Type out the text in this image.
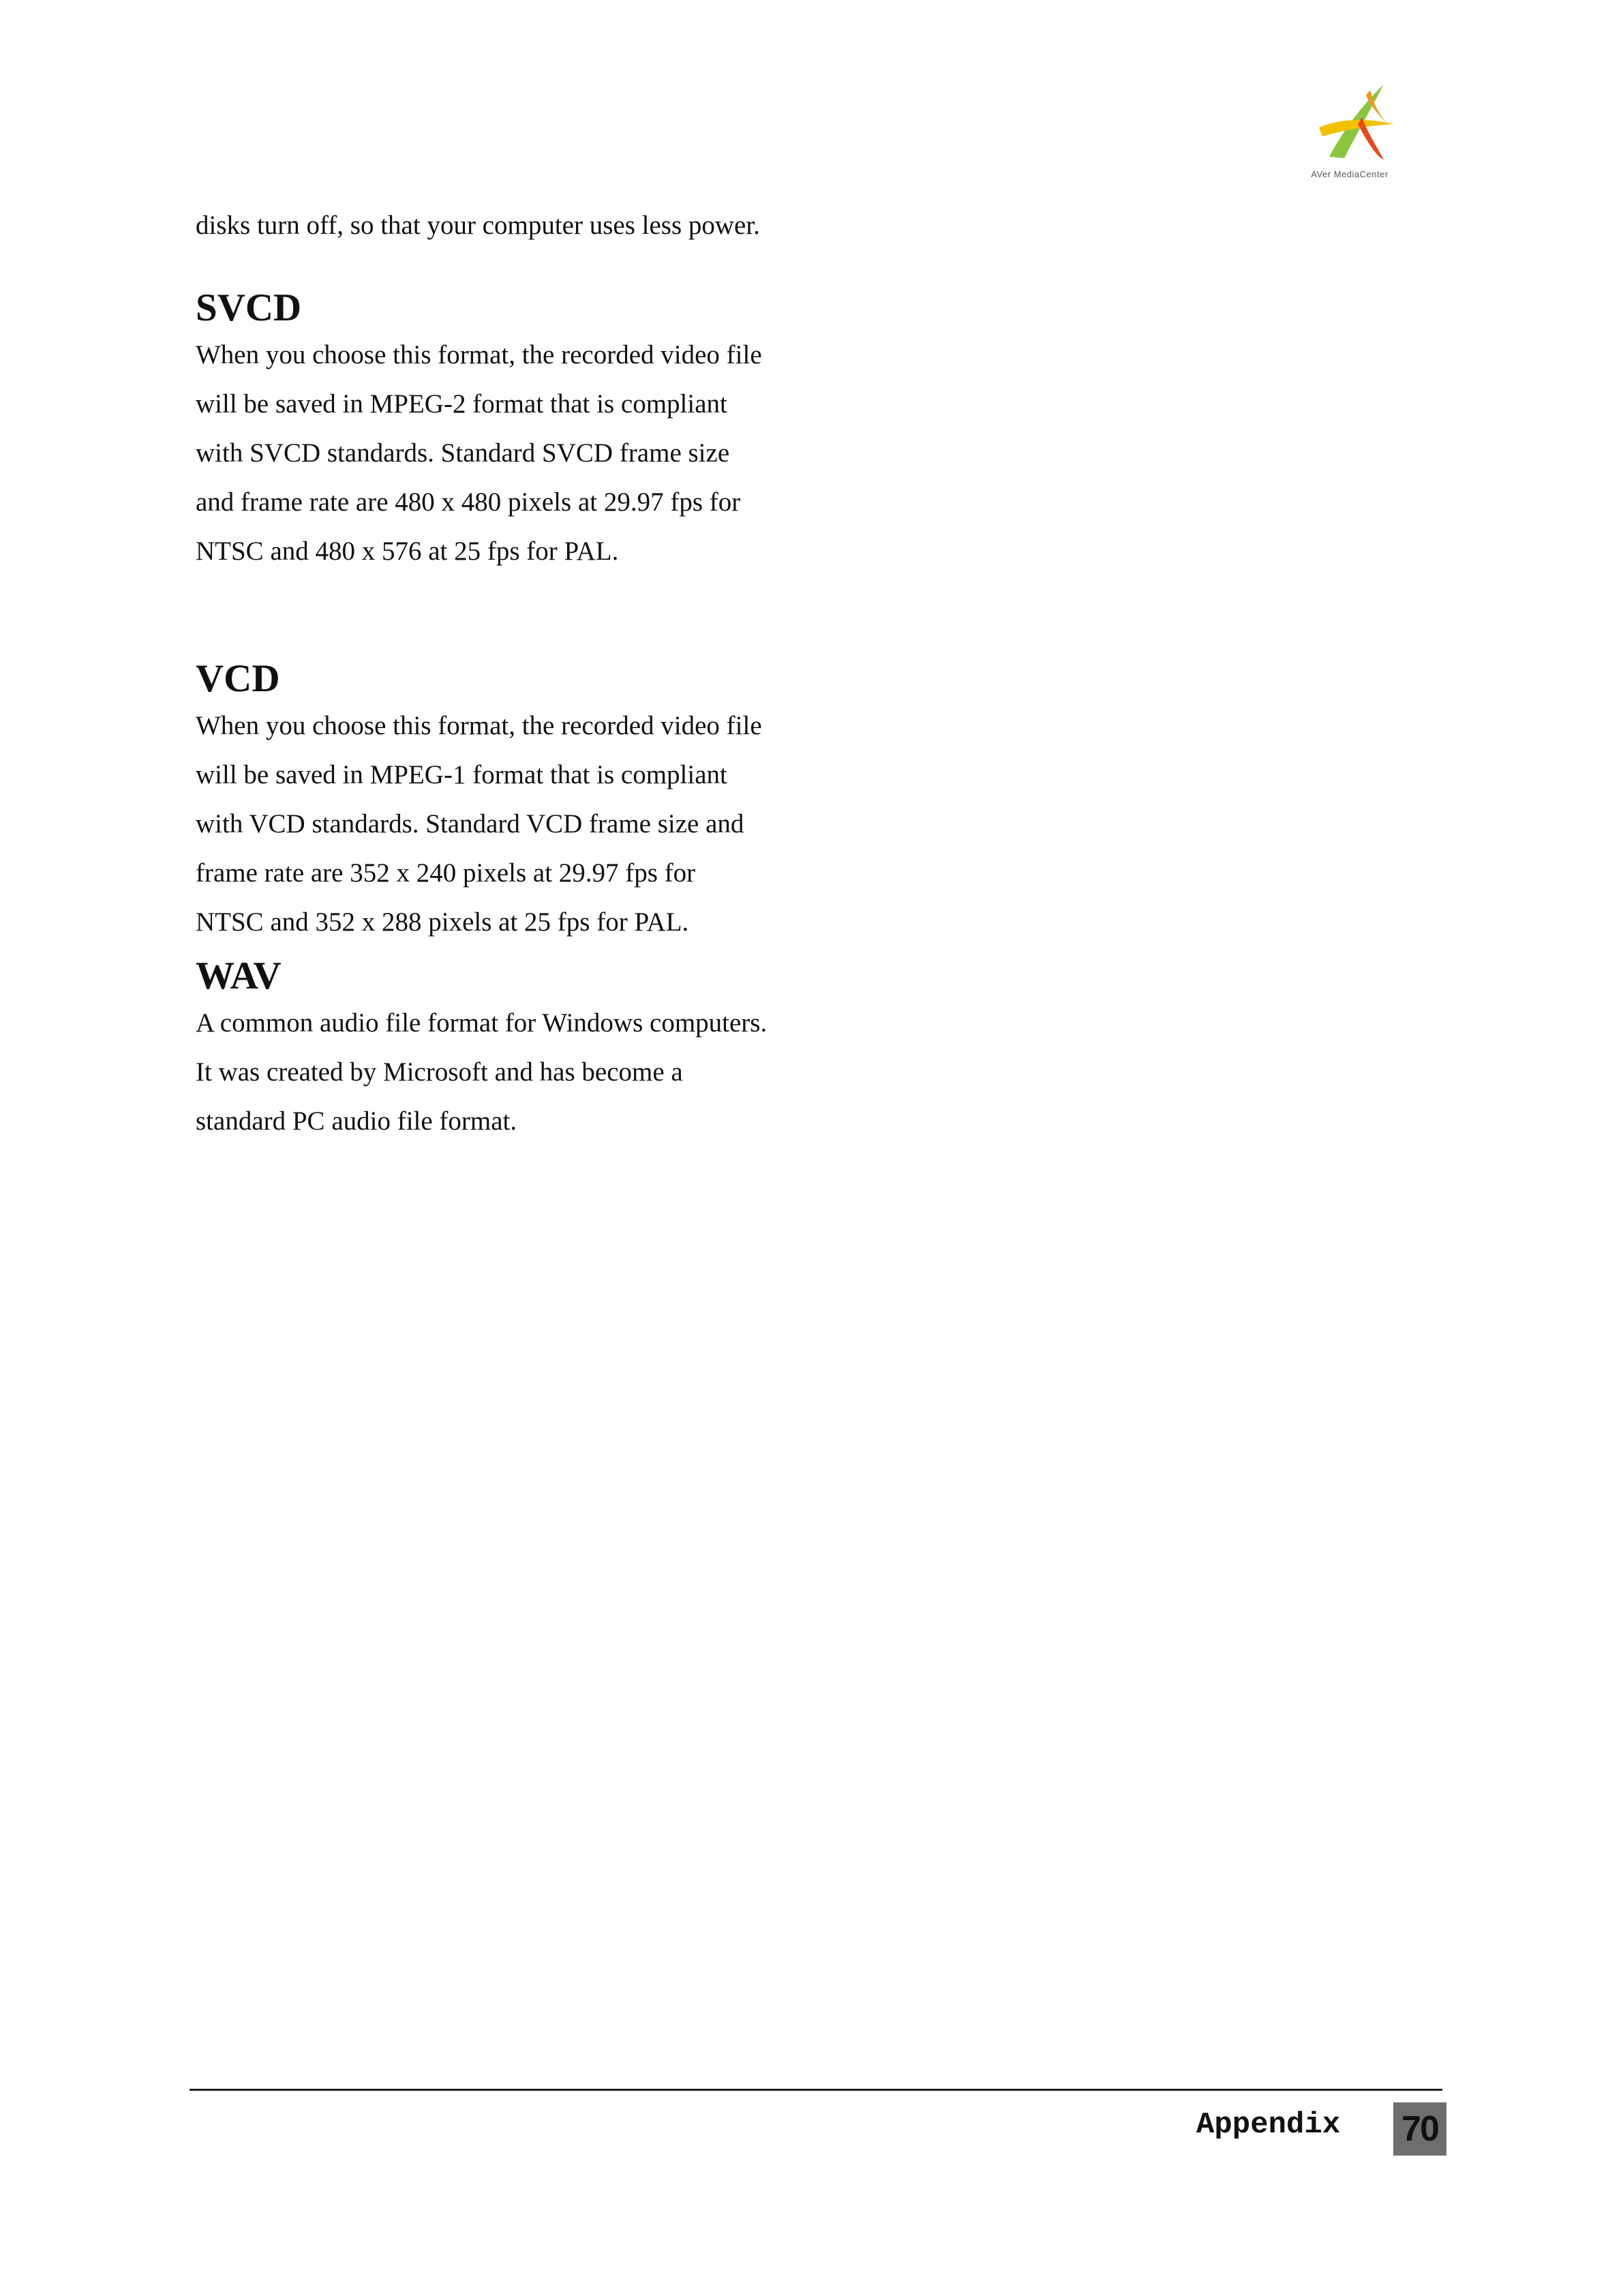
AVer MediaCenter

disks turn off, so that your computer uses less power.

SVCD

When you choose this format, the recorded video file

will be saved in MPEG-2 format that is compliant

with SVCD standards. Standard SVCD frame size

and frame rate are 480 x 480 pixels at 29.97 fps for

NTSC and 480 x 576 at 25 fps for PAL.

VCD

When you choose this format, the recorded video file

will be saved in MPEG-1 format that is compliant

with VCD standards. Standard VCD frame size and

frame rate are 352 x 240 pixels at 29.97 fps for

NTSC and 352 x 288 pixels at 25 fps for PAL.

WAV

A common audio file format for Windows computers.

It was created by Microsoft and has become a

standard PC audio file format.

Appendix 70
